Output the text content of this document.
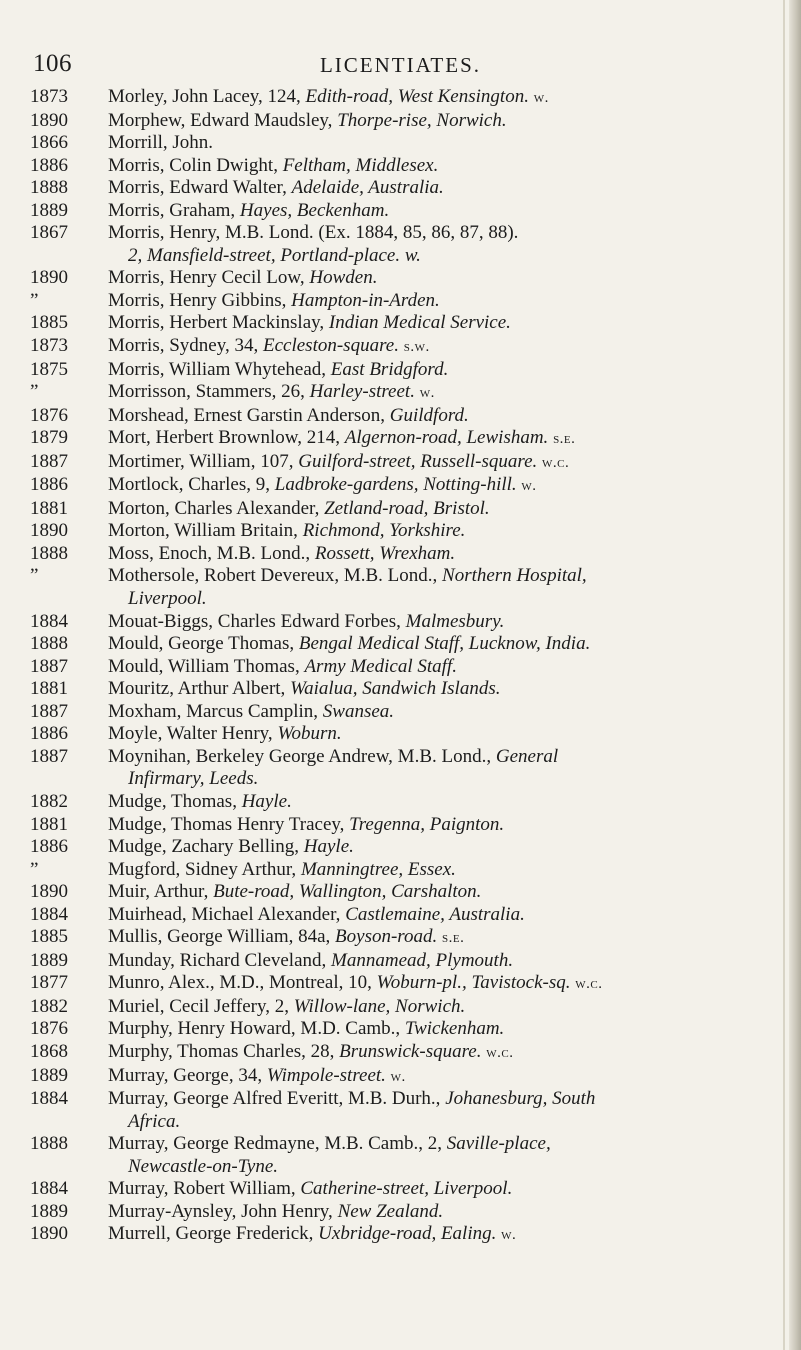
106	LICENTIATES.
1873	Morley, John Lacey, 124, Edith-road, West Kensington. w.
1890	Morphew, Edward Maudsley, Thorpe-rise, Norwich.
1866	Morrill, John.
1886	Morris, Colin Dwight, Feltham, Middlesex.
1888	Morris, Edward Walter, Adelaide, Australia.
1889	Morris, Graham, Hayes, Beckenham.
1867	Morris, Henry, M.B. Lond. (Ex. 1884, 85, 86, 87, 88).
2, Mansfield-street, Portland-place. w.
1890	Morris, Henry Cecil Low, Howden.
”	Morris, Henry Gibbins, Hampton-in-Arden.
1885	Morris, Herbert Mackinslay, Indian Medical Service.
1873	Morris, Sydney, 34, Eccleston-square. s.w.
1875	Morris, William Whytehead, East Bridgford.
”	Morrisson, Stammers, 26, Harley-street. w.
1876	Morshead, Ernest Garstin Anderson, Guildford.
1879	Mort, Herbert Brownlow, 214, Algernon-road, Lewisham. s.e.
1887	Mortimer, William, 107, Guilford-street, Russell-square. w.c.
1886	Mortlock, Charles, 9, Ladbroke-gardens, Notting-hill. w.
1881	Morton, Charles Alexander, Zetland-road, Bristol.
1890	Morton, William Britain, Richmond, Yorkshire.
1888	Moss, Enoch, M.B. Lond., Rossett, Wrexham.
”	Mothersole, Robert Devereux, M.B. Lond., Northern Hospital,
Liverpool.
1884	Mouat-Biggs, Charles Edward Forbes, Malmesbury.
1888	Mould, George Thomas, Bengal Medical Staff, Lucknow, India.
1887	Mould, William Thomas, Army Medical Staff.
1881	Mouritz, Arthur Albert, Waialua, Sandwich Islands.
1887	Moxham, Marcus Camplin, Swansea.
1886	Moyle, Walter Henry, Woburn.
1887	Moynihan, Berkeley George Andrew, M.B. Lond., General
Infirmary, Leeds.
1882	Mudge, Thomas, Hayle.
1881	Mudge, Thomas Henry Tracey, Tregenna, Paignton.
1886	Mudge, Zachary Belling, Hayle.
”	Mugford, Sidney Arthur, Manningtree, Essex.
1890	Muir, Arthur, Bute-road, Wallington, Carshalton.
1884	Muirhead, Michael Alexander, Castlemaine, Australia.
1885	Mullis, George William, 84a, Boyson-road. s.e.
1889	Munday, Richard Cleveland, Mannamead, Plymouth.
1877	Munro, Alex., M.D., Montreal, 10, Woburn-pl., Tavistock-sq. w.c.
1882	Muriel, Cecil Jeffery, 2, Willow-lane, Norwich.
1876	Murphy, Henry Howard, M.D. Camb., Twickenham.
1868	Murphy, Thomas Charles, 28, Brunswick-square. w.c.
1889	Murray, George, 34, Wimpole-street. w.
1884	Murray, George Alfred Everitt, M.B. Durh., Johanesburg, South
Africa.
1888	Murray, George Redmayne, M.B. Camb., 2, Saville-place,
Newcastle-on-Tyne.
1884	Murray, Robert William, Catherine-street, Liverpool.
1889	Murray-Aynsley, John Henry, New Zealand.
1890	Murrell, George Frederick, Uxbridge-road, Ealing. w.
